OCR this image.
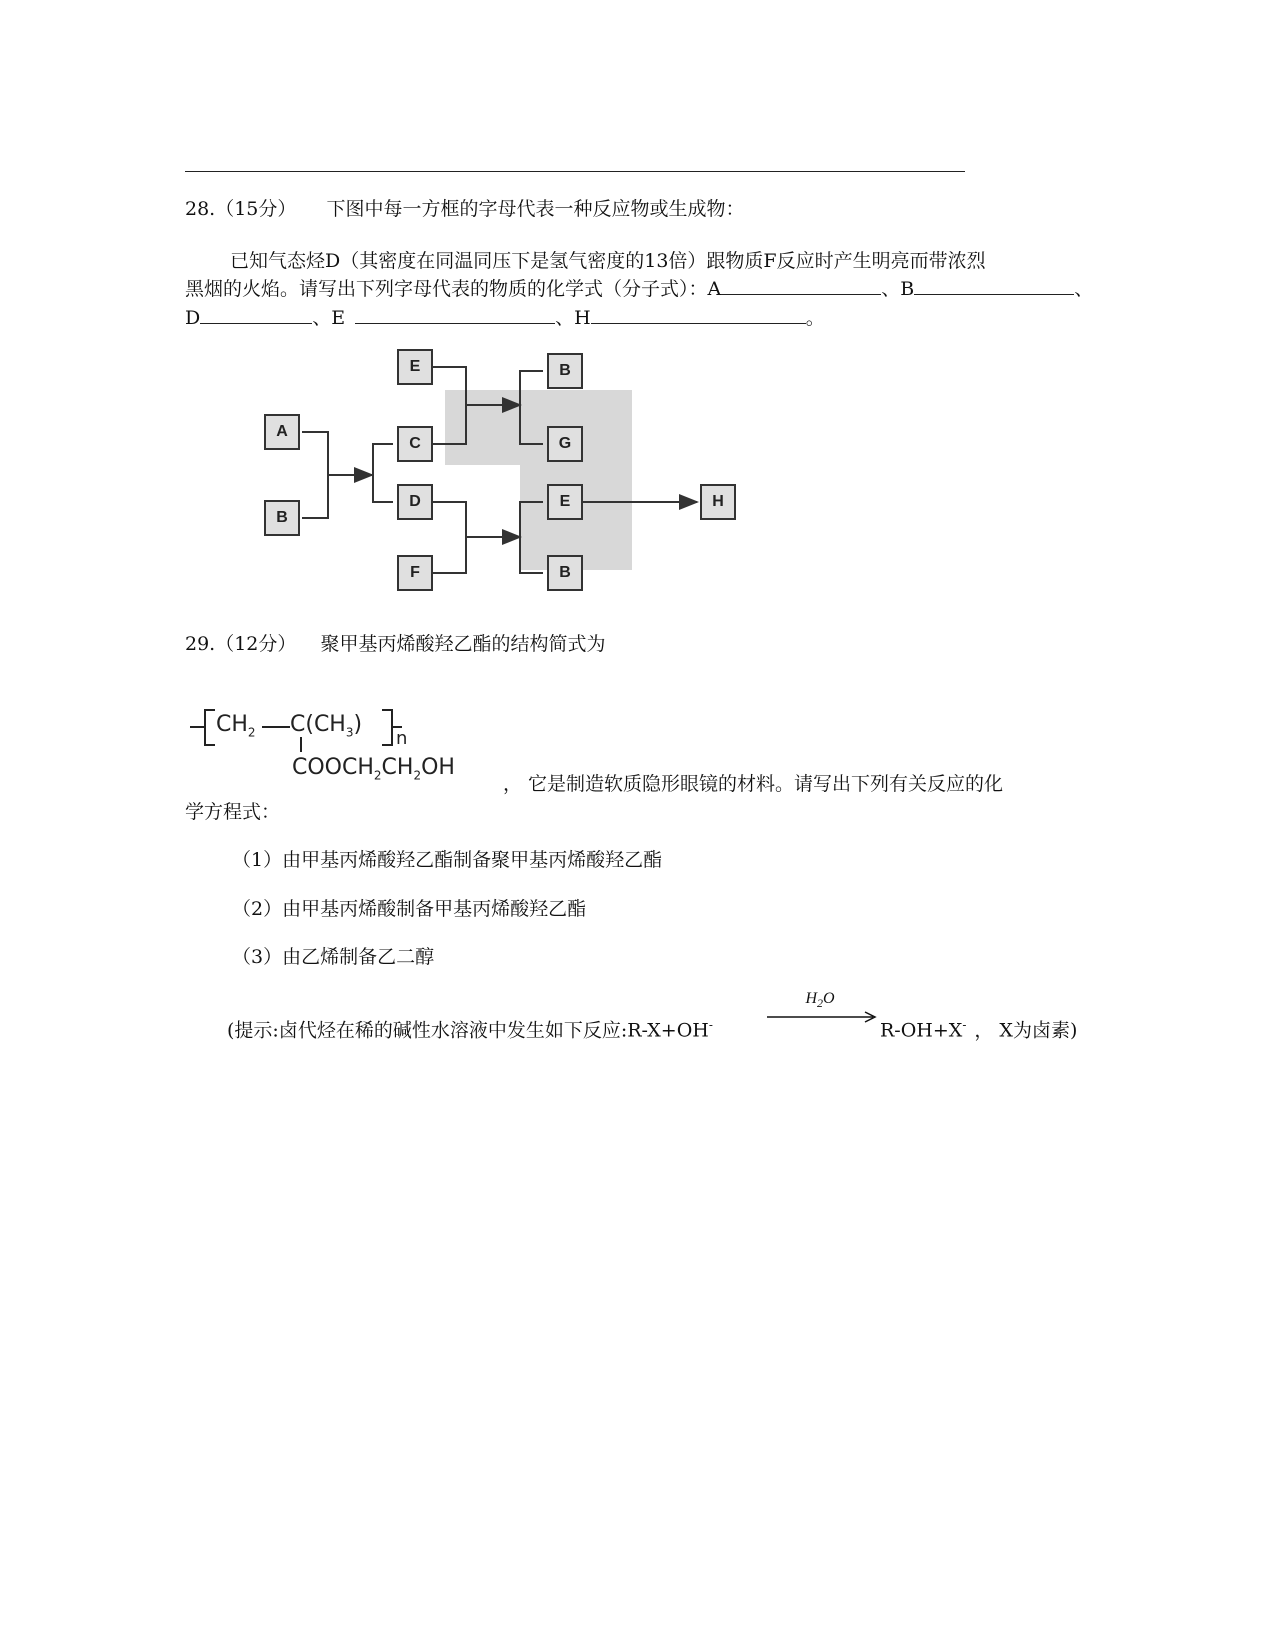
28.（15分） 下图中每一方框的字母代表一种反应物或生成物：
已知气态烃D（其密度在同温同压下是氢气密度的13倍）跟物质F反应时产生明亮而带浓烈
黑烟的火焰。请写出下列字母代表的物质的化学式（分子式）：A	、B	、
D	、E	、H	。
E	B
A
C	G
B
D	E	H
F	B
29.（12分） 聚甲基丙烯酸羟乙酯的结构简式为
$CH_2$ $C(CH_3)$
n
$COOCH_2CH_2OH$
， 它是制造软质隐形眼镜的材料。请写出下列有关反应的化
学方程式：
（1）由甲基丙烯酸羟乙酯制备聚甲基丙烯酸羟乙酯
（2）由甲基丙烯酸制备甲基丙烯酸羟乙酯
（3）由乙烯制备乙二醇
(提示:卤代烃在稀的碱性水溶液中发生如下反应:R-X+OH-
$H_2O$
R-OH+X- ， X为卤素)
